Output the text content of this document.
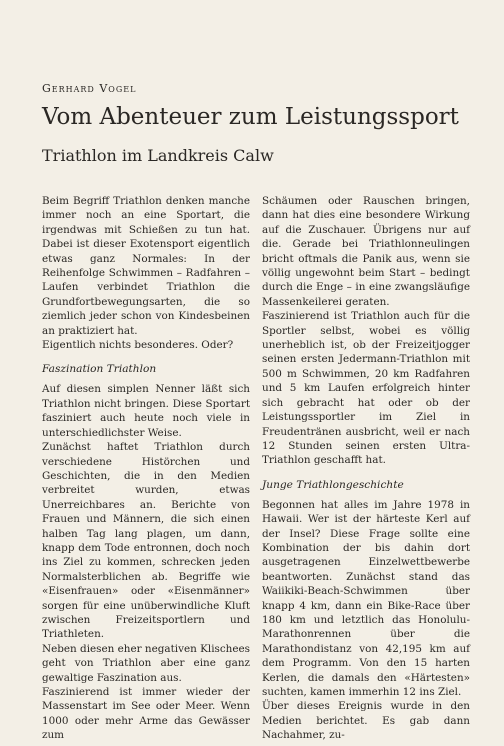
Gerhard Vogel
Vom Abenteuer zum Leistungssport
Triathlon im Landkreis Calw

Beim Begriff Triathlon denken manche immer noch an eine Sportart, die irgendwas mit Schießen zu tun hat. Dabei ist dieser Exotensport eigentlich etwas ganz Normales: In der Reihenfolge Schwimmen – Radfahren – Laufen verbindet Triathlon die Grundfortbewegungsarten, die so ziemlich jeder schon von Kindesbeinen an praktiziert hat.

Eigentlich nichts besonderes. Oder?

Faszination Triathlon

Auf diesen simplen Nenner läßt sich Triathlon nicht bringen. Diese Sportart fasziniert auch heute noch viele in unterschiedlichster Weise.

Zunächst haftet Triathlon durch verschiedene Histörchen und Geschichten, die in den Medien verbreitet wurden, etwas Unerreichbares an. Berichte von Frauen und Männern, die sich einen halben Tag lang plagen, um dann, knapp dem Tode entronnen, doch noch ins Ziel zu kommen, schrecken jeden Normalsterblichen ab. Begriffe wie «Eisenfrauen» oder «Eisenmänner» sorgen für eine unüberwindliche Kluft zwischen Freizeitsportlern und Triathleten.

Neben diesen eher negativen Klischees geht von Triathlon aber eine ganz gewaltige Faszination aus.

Faszinierend ist immer wieder der Massenstart im See oder Meer. Wenn 1000 oder mehr Arme das Gewässer zum

Schäumen oder Rauschen bringen, dann hat dies eine besondere Wirkung auf die Zuschauer. Übrigens nur auf die. Gerade bei Triathlonneulingen bricht oftmals die Panik aus, wenn sie völlig ungewohnt beim Start – bedingt durch die Enge – in eine zwangsläufige Massenkeilerei geraten.

Faszinierend ist Triathlon auch für die Sportler selbst, wobei es völlig unerheblich ist, ob der Freizeitjogger seinen ersten Jedermann-Triathlon mit 500 m Schwimmen, 20 km Radfahren und 5 km Laufen erfolgreich hinter sich gebracht hat oder ob der Leistungssportler im Ziel in Freudentränen ausbricht, weil er nach 12 Stunden seinen ersten Ultra-Triathlon geschafft hat.

Junge Triathlongeschichte

Begonnen hat alles im Jahre 1978 in Hawaii. Wer ist der härteste Kerl auf der Insel? Diese Frage sollte eine Kombination der bis dahin dort ausgetragenen Einzelwettbewerbe beantworten. Zunächst stand das Waiikiki-Beach-Schwimmen über knapp 4 km, dann ein Bike-Race über 180 km und letztlich das Honolulu-Marathonrennen über die Marathondistanz von 42,195 km auf dem Programm. Von den 15 harten Kerlen, die damals den «Härtesten» suchten, kamen immerhin 12 ins Ziel.

Über dieses Ereignis wurde in den Medien berichtet. Es gab dann Nachahmer, zu-
